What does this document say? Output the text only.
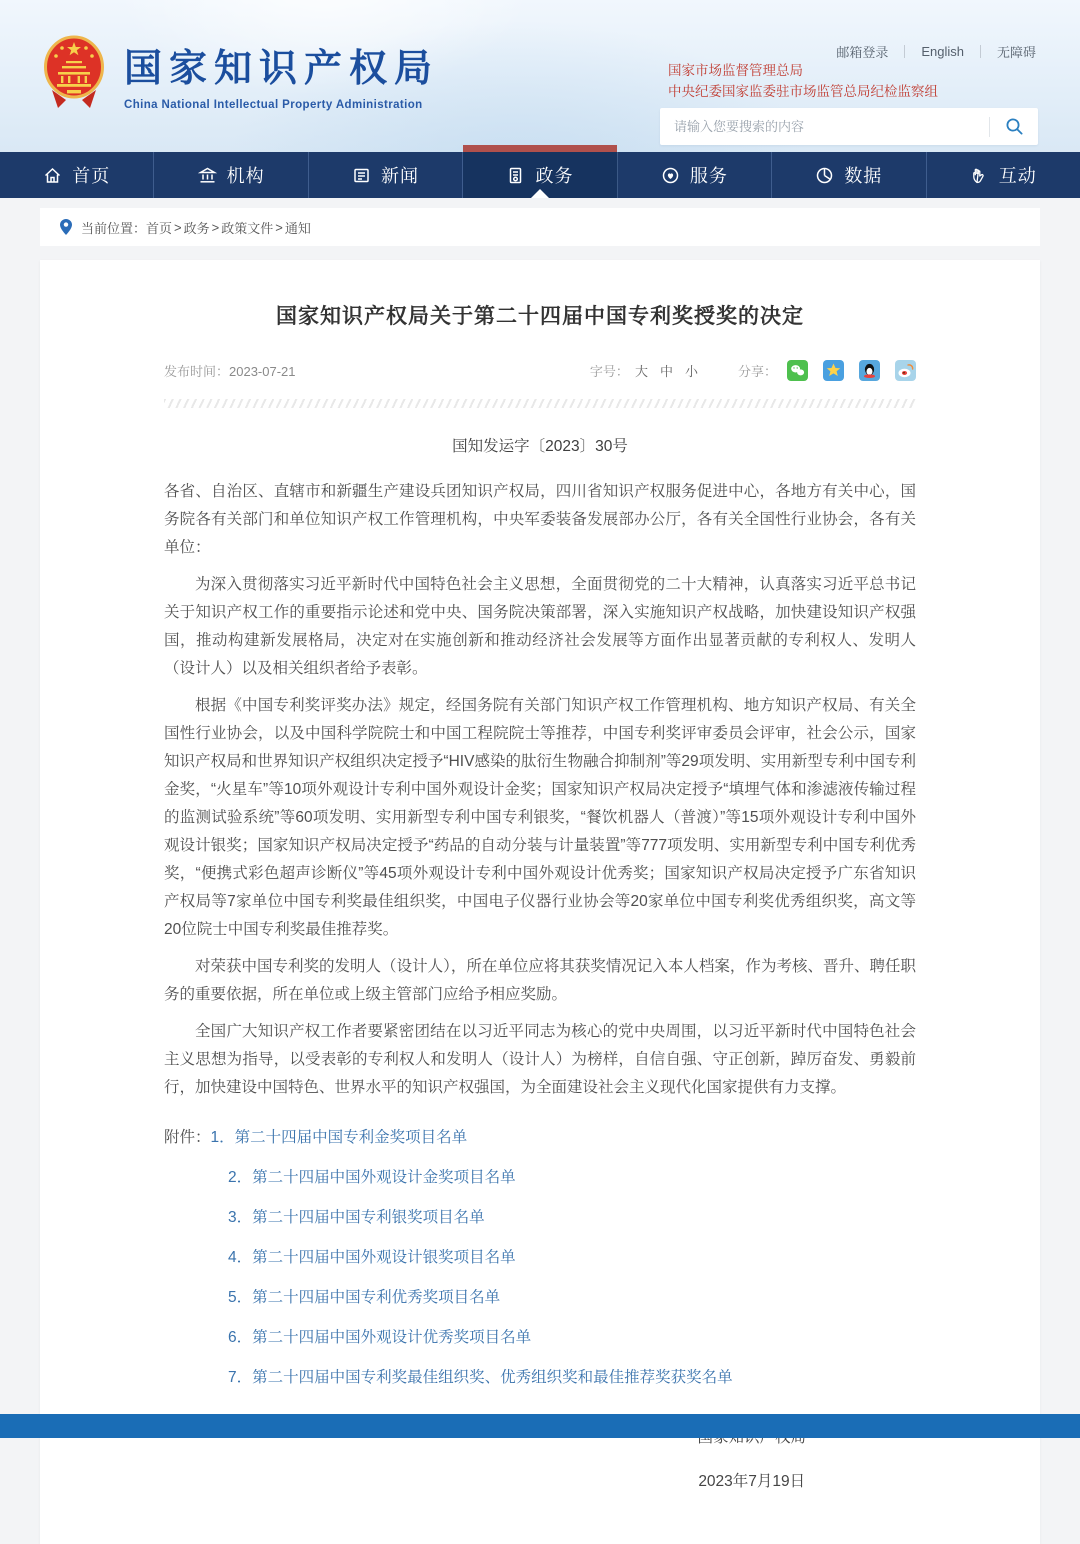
国家知识产权局
China National Intellectual Property Administration
邮箱登录	English	无障碍
国家市场监督管理总局
中央纪委国家监委驻市场监管总局纪检监察组
请输入您要搜索的内容
首页	机构	新闻	政务	服务	数据	互动
当前位置： 首页 > 政务 > 政策文件 > 通知
国家知识产权局关于第二十四届中国专利奖授奖的决定
发布时间：2023-07-21	字号： 大 中 小	分享：
国知发运字〔2023〕30号

各省、自治区、直辖市和新疆生产建设兵团知识产权局，四川省知识产权服务促进中心，各地方有关中心，国务院各有关部门和单位知识产权工作管理机构，中央军委装备发展部办公厅，各有关全国性行业协会，各有关单位：

为深入贯彻落实习近平新时代中国特色社会主义思想，全面贯彻党的二十大精神，认真落实习近平总书记关于知识产权工作的重要指示论述和党中央、国务院决策部署，深入实施知识产权战略，加快建设知识产权强国，推动构建新发展格局，决定对在实施创新和推动经济社会发展等方面作出显著贡献的专利权人、发明人（设计人）以及相关组织者给予表彰。

根据《中国专利奖评奖办法》规定，经国务院有关部门知识产权工作管理机构、地方知识产权局、有关全国性行业协会，以及中国科学院院士和中国工程院院士等推荐，中国专利奖评审委员会评审，社会公示，国家知识产权局和世界知识产权组织决定授予“HIV感染的肽衍生物融合抑制剂”等29项发明、实用新型专利中国专利金奖，“火星车”等10项外观设计专利中国外观设计金奖；国家知识产权局决定授予“填埋气体和渗滤液传输过程的监测试验系统”等60项发明、实用新型专利中国专利银奖，“餐饮机器人（普渡）”等15项外观设计专利中国外观设计银奖；国家知识产权局决定授予“药品的自动分装与计量装置”等777项发明、实用新型专利中国专利优秀奖，“便携式彩色超声诊断仪”等45项外观设计专利中国外观设计优秀奖；国家知识产权局决定授予广东省知识产权局等7家单位中国专利奖最佳组织奖，中国电子仪器行业协会等20家单位中国专利奖优秀组织奖，高文等20位院士中国专利奖最佳推荐奖。

对荣获中国专利奖的发明人（设计人），所在单位应将其获奖情况记入本人档案，作为考核、晋升、聘任职务的重要依据，所在单位或上级主管部门应给予相应奖励。

全国广大知识产权工作者要紧密团结在以习近平同志为核心的党中央周围，以习近平新时代中国特色社会主义思想为指导，以受表彰的专利权人和发明人（设计人）为榜样，自信自强、守正创新，踔厉奋发、勇毅前行，加快建设中国特色、世界水平的知识产权强国，为全面建设社会主义现代化国家提供有力支撑。

附件：1．第二十四届中国专利金奖项目名单
2．第二十四届中国外观设计金奖项目名单
3．第二十四届中国专利银奖项目名单
4．第二十四届中国外观设计银奖项目名单
5．第二十四届中国专利优秀奖项目名单
6．第二十四届中国外观设计优秀奖项目名单
7．第二十四届中国专利奖最佳组织奖、优秀组织奖和最佳推荐奖获奖名单
2023年7月19日
